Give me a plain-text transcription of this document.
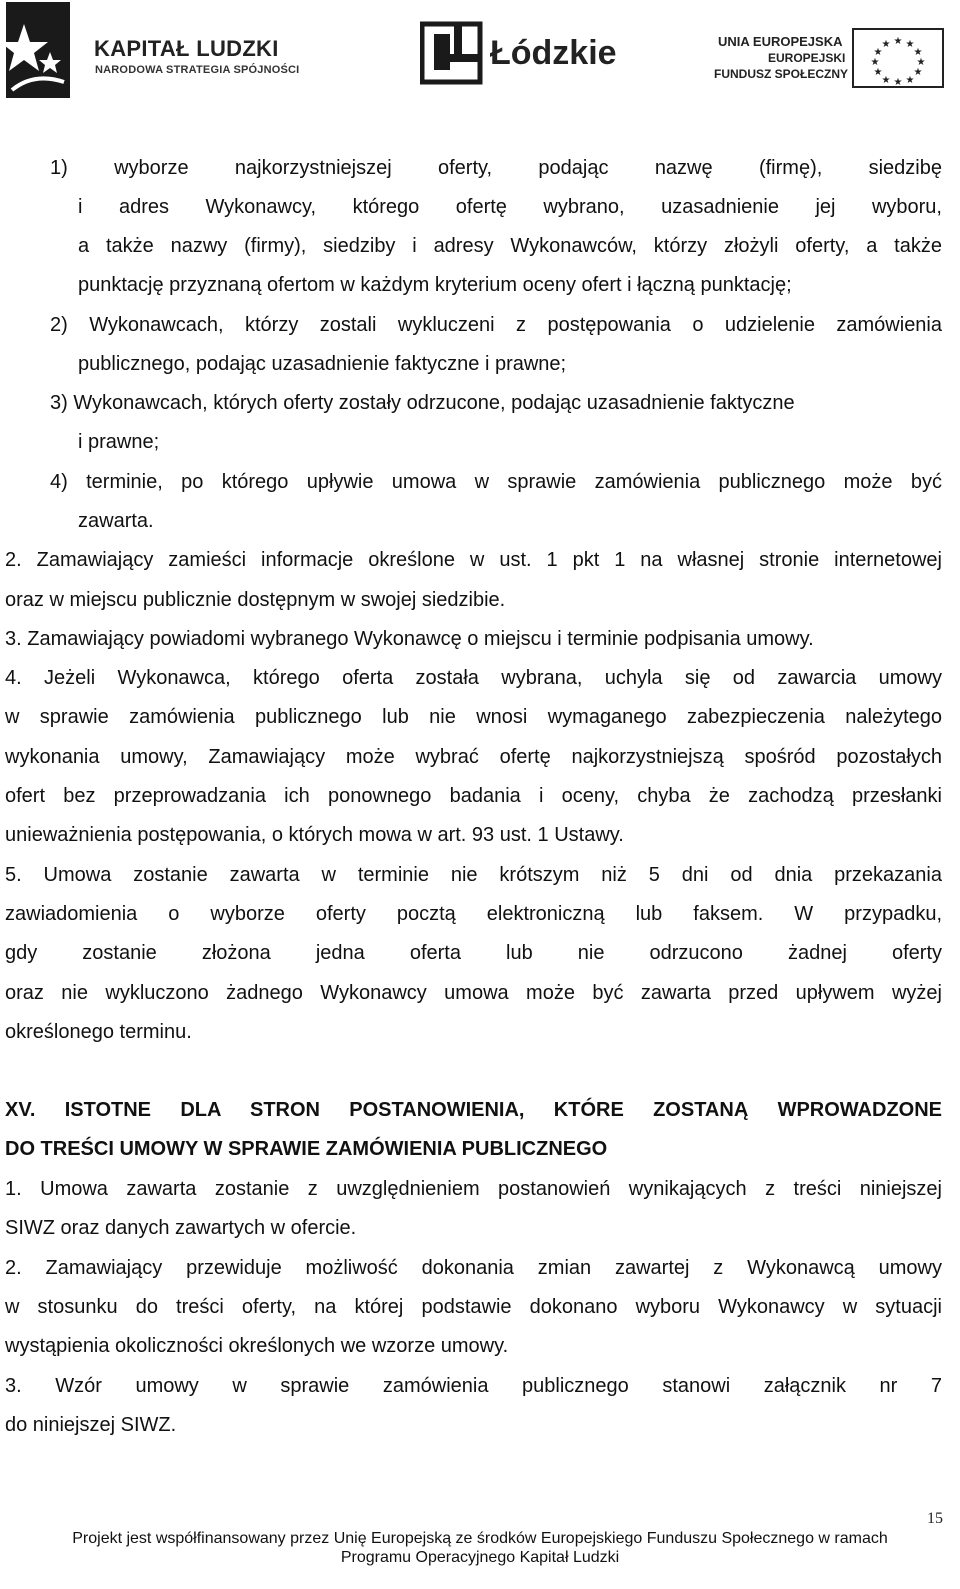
KAPITAŁ LUDZKI
NARODOWA STRATEGIA SPÓJNOŚCI	Łódzkie	UNIA EUROPEJSKA
EUROPEJSKI
FUNDUSZ SPOŁECZNY
★ ★
★
★
★
★
★
★
★
★
★
★
1) wyborze najkorzystniejszej oferty, podając nazwę (firmę), siedzibę
i adres Wykonawcy, którego ofertę wybrano, uzasadnienie jej wyboru,
a także nazwy (firmy), siedziby i adresy Wykonawców, którzy złożyli oferty, a także
punktację przyznaną ofertom w każdym kryterium oceny ofert i łączną punktację;
2) Wykonawcach, którzy zostali wykluczeni z postępowania o udzielenie zamówienia
publicznego, podając uzasadnienie faktyczne i prawne;
3) Wykonawcach, których oferty zostały odrzucone, podając uzasadnienie faktyczne
i prawne;
4) terminie, po którego upływie umowa w sprawie zamówienia publicznego może być
zawarta.
2. Zamawiający zamieści informacje określone w ust. 1 pkt 1 na własnej stronie internetowej
oraz w miejscu publicznie dostępnym w swojej siedzibie.
3. Zamawiający powiadomi wybranego Wykonawcę o miejscu i terminie podpisania umowy.
4. Jeżeli Wykonawca, którego oferta została wybrana, uchyla się od zawarcia umowy
w sprawie zamówienia publicznego lub nie wnosi wymaganego zabezpieczenia należytego
wykonania umowy, Zamawiający może wybrać ofertę najkorzystniejszą spośród pozostałych
ofert bez przeprowadzania ich ponownego badania i oceny, chyba że zachodzą przesłanki
unieważnienia postępowania, o których mowa w art. 93 ust. 1 Ustawy.
5. Umowa zostanie zawarta w terminie nie krótszym niż 5 dni od dnia przekazania
zawiadomienia o wyborze oferty pocztą elektroniczną lub faksem. W przypadku,
gdy zostanie złożona jedna oferta lub nie odrzucono żadnej oferty
oraz nie wykluczono żadnego Wykonawcy umowa może być zawarta przed upływem wyżej
określonego terminu.
XV. ISTOTNE DLA STRON POSTANOWIENIA, KTÓRE ZOSTANĄ WPROWADZONE
DO TREŚCI UMOWY W SPRAWIE ZAMÓWIENIA PUBLICZNEGO
1. Umowa zawarta zostanie z uwzględnieniem postanowień wynikających z treści niniejszej
SIWZ oraz danych zawartych w ofercie.
2. Zamawiający przewiduje możliwość dokonania zmian zawartej z Wykonawcą umowy
w stosunku do treści oferty, na której podstawie dokonano wyboru Wykonawcy w sytuacji
wystąpienia okoliczności określonych we wzorze umowy.
3. Wzór umowy w sprawie zamówienia publicznego stanowi załącznik nr 7
do niniejszej SIWZ.
15
Projekt jest współfinansowany przez Unię Europejską ze środków Europejskiego Funduszu Społecznego w ramach
Programu Operacyjnego Kapitał Ludzki
